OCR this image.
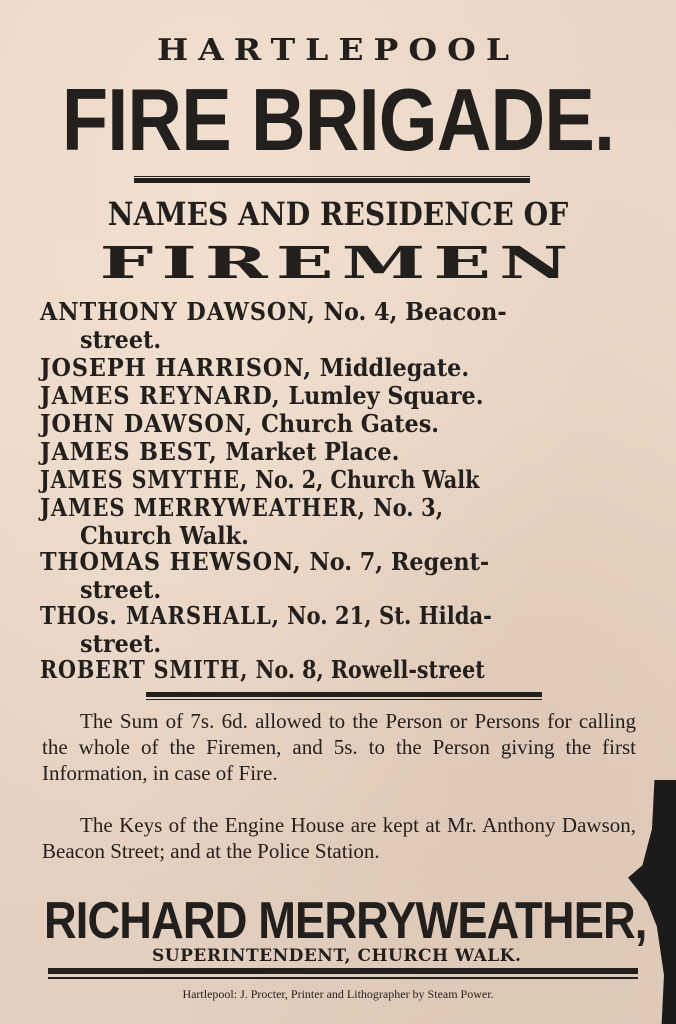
HARTLEPOOL
FIRE BRIGADE.
NAMES AND RESIDENCE OF
FIREMEN
ANTHONY DAWSON, No. 4, Beacon-
street.
JOSEPH HARRISON, Middlegate.
JAMES REYNARD, Lumley Square.
JOHN DAWSON, Church Gates.
JAMES BEST, Market Place.
JAMES SMYTHE, No. 2, Church Walk
JAMES MERRYWEATHER, No. 3,
Church Walk.
THOMAS HEWSON, No. 7, Regent-
street.
THOs. MARSHALL, No. 21, St. Hilda-
street.
ROBERT SMITH, No. 8, Rowell-street
The Sum of 7s. 6d. allowed to the Person or Persons for calling the whole of the Firemen, and 5s. to the Person giving the first Information, in case of Fire.
The Keys of the Engine House are kept at Mr. Anthony Dawson, Beacon Street; and at the Police Station.
RICHARD MERRYWEATHER,
SUPERINTENDENT, CHURCH WALK.
Hartlepool: J. Procter, Printer and Lithographer by Steam Power.
